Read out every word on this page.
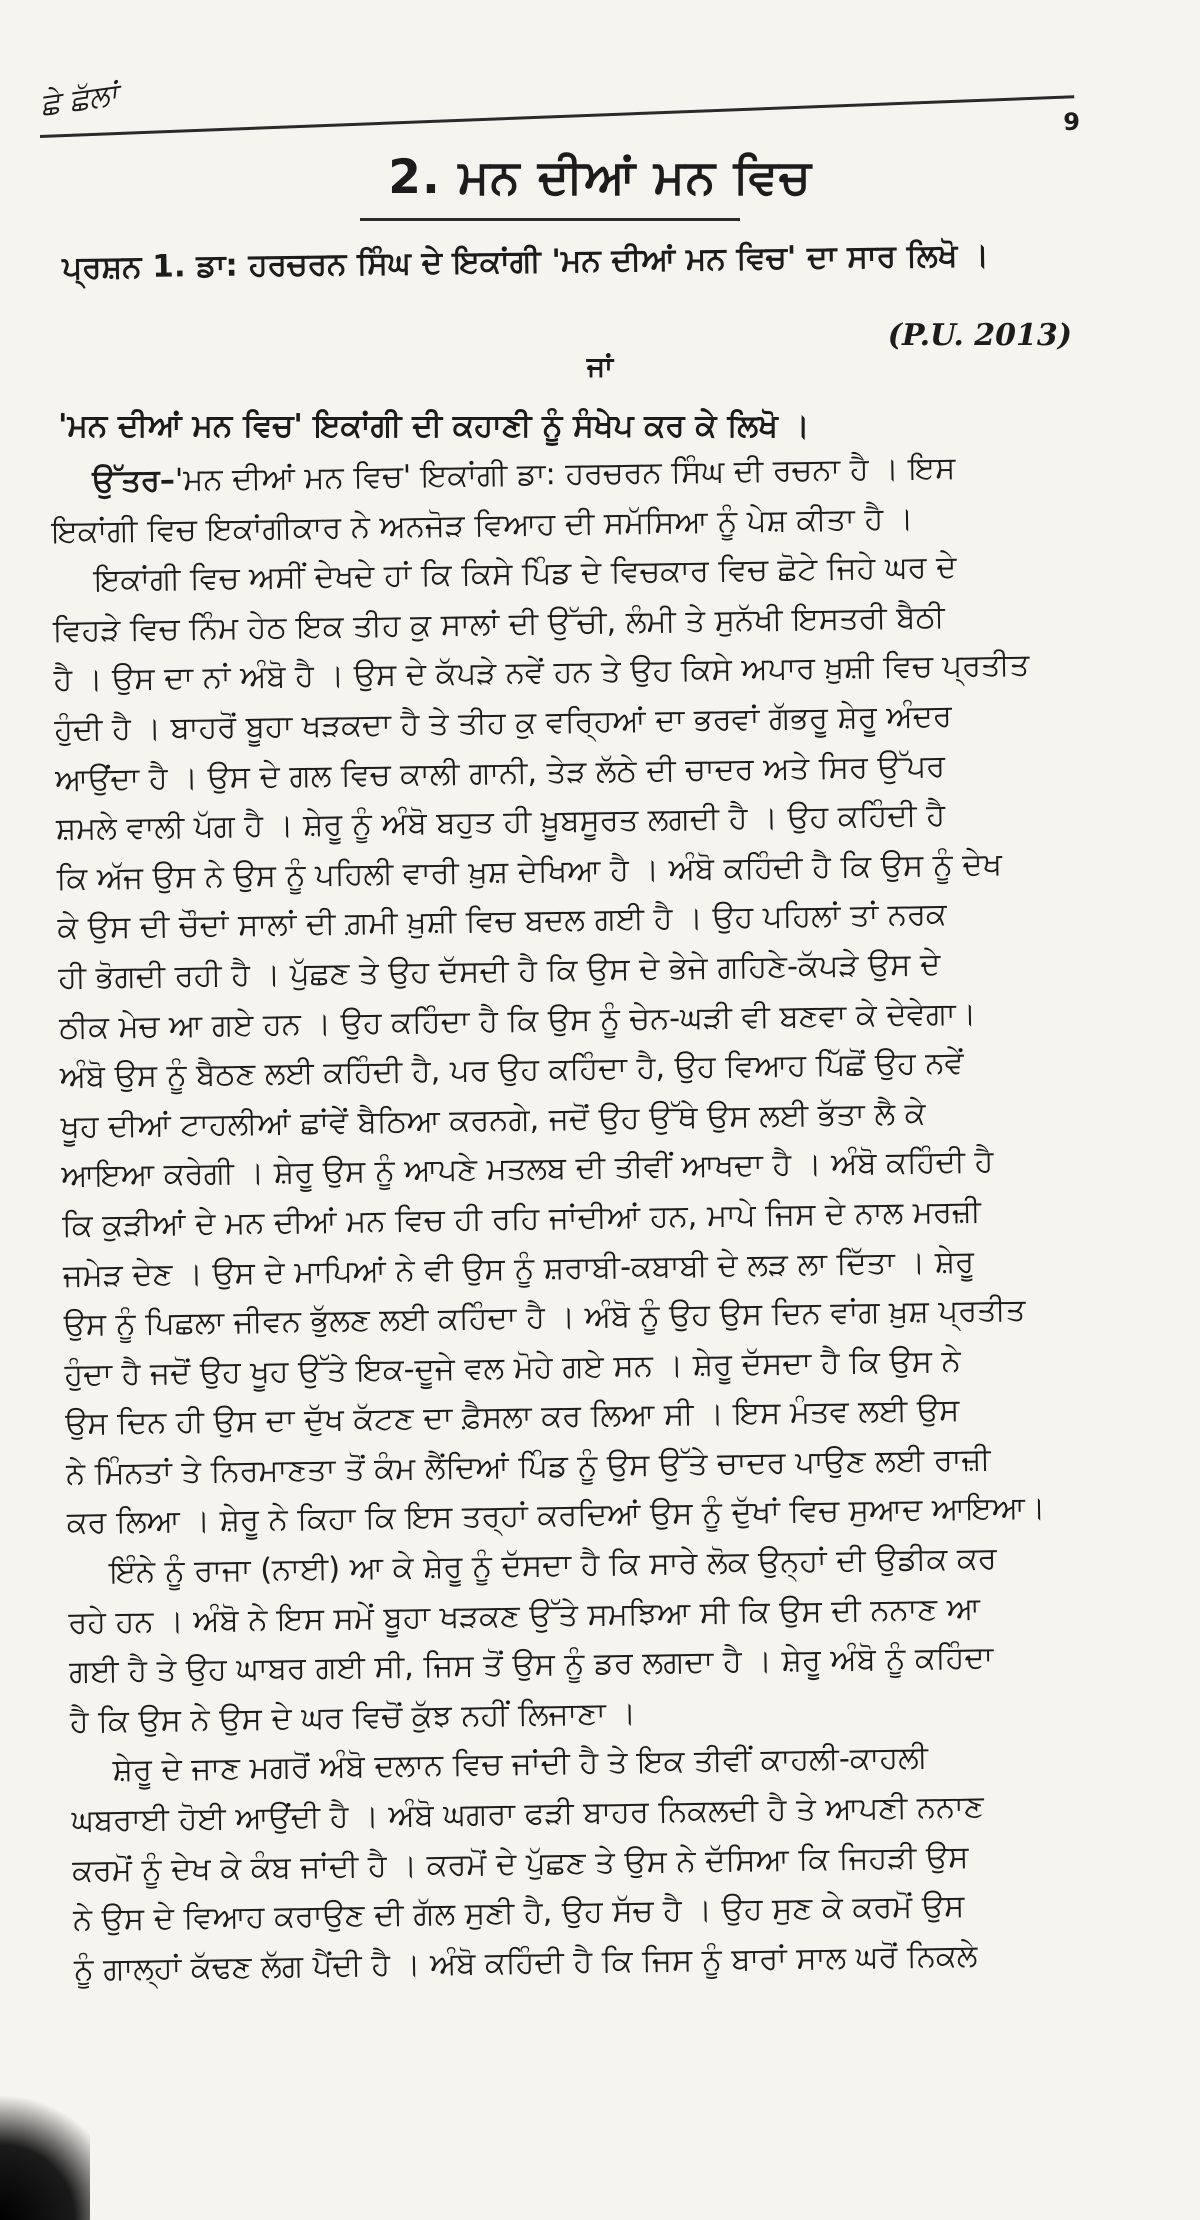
ਛੇ ਛੱਲਾਂ	9
2. ਮਨ ਦੀਆਂ ਮਨ ਵਿਚ
ਪ੍ਰਸ਼ਨ 1. ਡਾ: ਹਰਚਰਨ ਸਿੰਘ ਦੇ ਇਕਾਂਗੀ 'ਮਨ ਦੀਆਂ ਮਨ ਵਿਚ' ਦਾ ਸਾਰ ਲਿਖੋ ।
(P.U. 2013)
ਜਾਂ
'ਮਨ ਦੀਆਂ ਮਨ ਵਿਚ' ਇਕਾਂਗੀ ਦੀ ਕਹਾਣੀ ਨੂੰ ਸੰਖੇਪ ਕਰ ਕੇ ਲਿਖੋ ।
ਉੱਤਰ–'ਮਨ ਦੀਆਂ ਮਨ ਵਿਚ' ਇਕਾਂਗੀ ਡਾ: ਹਰਚਰਨ ਸਿੰਘ ਦੀ ਰਚਨਾ ਹੈ । ਇਸ
ਇਕਾਂਗੀ ਵਿਚ ਇਕਾਂਗੀਕਾਰ ਨੇ ਅਨਜੋੜ ਵਿਆਹ ਦੀ ਸਮੱਸਿਆ ਨੂੰ ਪੇਸ਼ ਕੀਤਾ ਹੈ ।
ਇਕਾਂਗੀ ਵਿਚ ਅਸੀਂ ਦੇਖਦੇ ਹਾਂ ਕਿ ਕਿਸੇ ਪਿੰਡ ਦੇ ਵਿਚਕਾਰ ਵਿਚ ਛੋਟੇ ਜਿਹੇ ਘਰ ਦੇ
ਵਿਹੜੇ ਵਿਚ ਨਿੰਮ ਹੇਠ ਇਕ ਤੀਹ ਕੁ ਸਾਲਾਂ ਦੀ ਉੱਚੀ, ਲੰਮੀ ਤੇ ਸੁਨੱਖੀ ਇਸਤਰੀ ਬੈਠੀ
ਹੈ । ਉਸ ਦਾ ਨਾਂ ਅੰਬੋ ਹੈ । ਉਸ ਦੇ ਕੱਪੜੇ ਨਵੇਂ ਹਨ ਤੇ ਉਹ ਕਿਸੇ ਅਪਾਰ ਖ਼ੁਸ਼ੀ ਵਿਚ ਪ੍ਰਤੀਤ
ਹੁੰਦੀ ਹੈ । ਬਾਹਰੋਂ ਬੂਹਾ ਖੜਕਦਾ ਹੈ ਤੇ ਤੀਹ ਕੁ ਵਰ੍ਹਿਆਂ ਦਾ ਭਰਵਾਂ ਗੱਭਰੂ ਸ਼ੇਰੂ ਅੰਦਰ
ਆਉਂਦਾ ਹੈ । ਉਸ ਦੇ ਗਲ ਵਿਚ ਕਾਲੀ ਗਾਨੀ, ਤੇੜ ਲੱਠੇ ਦੀ ਚਾਦਰ ਅਤੇ ਸਿਰ ਉੱਪਰ
ਸ਼ਮਲੇ ਵਾਲੀ ਪੱਗ ਹੈ । ਸ਼ੇਰੂ ਨੂੰ ਅੰਬੋ ਬਹੁਤ ਹੀ ਖ਼ੂਬਸੂਰਤ ਲਗਦੀ ਹੈ । ਉਹ ਕਹਿੰਦੀ ਹੈ
ਕਿ ਅੱਜ ਉਸ ਨੇ ਉਸ ਨੂੰ ਪਹਿਲੀ ਵਾਰੀ ਖ਼ੁਸ਼ ਦੇਖਿਆ ਹੈ । ਅੰਬੋ ਕਹਿੰਦੀ ਹੈ ਕਿ ਉਸ ਨੂੰ ਦੇਖ
ਕੇ ਉਸ ਦੀ ਚੌਦਾਂ ਸਾਲਾਂ ਦੀ ਗ਼ਮੀ ਖ਼ੁਸ਼ੀ ਵਿਚ ਬਦਲ ਗਈ ਹੈ । ਉਹ ਪਹਿਲਾਂ ਤਾਂ ਨਰਕ
ਹੀ ਭੋਗਦੀ ਰਹੀ ਹੈ । ਪੁੱਛਣ ਤੇ ਉਹ ਦੱਸਦੀ ਹੈ ਕਿ ਉਸ ਦੇ ਭੇਜੇ ਗਹਿਣੇ-ਕੱਪੜੇ ਉਸ ਦੇ
ਠੀਕ ਮੇਚ ਆ ਗਏ ਹਨ । ਉਹ ਕਹਿੰਦਾ ਹੈ ਕਿ ਉਸ ਨੂੰ ਚੇਨ-ਘੜੀ ਵੀ ਬਣਵਾ ਕੇ ਦੇਵੇਗਾ।
ਅੰਬੋ ਉਸ ਨੂੰ ਬੈਠਣ ਲਈ ਕਹਿੰਦੀ ਹੈ, ਪਰ ਉਹ ਕਹਿੰਦਾ ਹੈ, ਉਹ ਵਿਆਹ ਪਿੱਛੋਂ ਉਹ ਨਵੇਂ
ਖੂਹ ਦੀਆਂ ਟਾਹਲੀਆਂ ਛਾਂਵੇਂ ਬੈਠਿਆ ਕਰਨਗੇ, ਜਦੋਂ ਉਹ ਉੱਥੇ ਉਸ ਲਈ ਭੱਤਾ ਲੈ ਕੇ
ਆਇਆ ਕਰੇਗੀ । ਸ਼ੇਰੂ ਉਸ ਨੂੰ ਆਪਣੇ ਮਤਲਬ ਦੀ ਤੀਵੀਂ ਆਖਦਾ ਹੈ । ਅੰਬੋ ਕਹਿੰਦੀ ਹੈ
ਕਿ ਕੁੜੀਆਂ ਦੇ ਮਨ ਦੀਆਂ ਮਨ ਵਿਚ ਹੀ ਰਹਿ ਜਾਂਦੀਆਂ ਹਨ, ਮਾਪੇ ਜਿਸ ਦੇ ਨਾਲ ਮਰਜ਼ੀ
ਜਮੇੜ ਦੇਣ । ਉਸ ਦੇ ਮਾਪਿਆਂ ਨੇ ਵੀ ਉਸ ਨੂੰ ਸ਼ਰਾਬੀ-ਕਬਾਬੀ ਦੇ ਲੜ ਲਾ ਦਿੱਤਾ । ਸ਼ੇਰੂ
ਉਸ ਨੂੰ ਪਿਛਲਾ ਜੀਵਨ ਭੁੱਲਣ ਲਈ ਕਹਿੰਦਾ ਹੈ । ਅੰਬੋ ਨੂੰ ਉਹ ਉਸ ਦਿਨ ਵਾਂਗ ਖ਼ੁਸ਼ ਪ੍ਰਤੀਤ
ਹੁੰਦਾ ਹੈ ਜਦੋਂ ਉਹ ਖੂਹ ਉੱਤੇ ਇਕ-ਦੂਜੇ ਵਲ ਮੋਹੇ ਗਏ ਸਨ । ਸ਼ੇਰੂ ਦੱਸਦਾ ਹੈ ਕਿ ਉਸ ਨੇ
ਉਸ ਦਿਨ ਹੀ ਉਸ ਦਾ ਦੁੱਖ ਕੱਟਣ ਦਾ ਫ਼ੈਸਲਾ ਕਰ ਲਿਆ ਸੀ । ਇਸ ਮੰਤਵ ਲਈ ਉਸ
ਨੇ ਮਿੰਨਤਾਂ ਤੇ ਨਿਰਮਾਣਤਾ ਤੋਂ ਕੰਮ ਲੈਂਦਿਆਂ ਪਿੰਡ ਨੂੰ ਉਸ ਉੱਤੇ ਚਾਦਰ ਪਾਉਣ ਲਈ ਰਾਜ਼ੀ
ਕਰ ਲਿਆ । ਸ਼ੇਰੂ ਨੇ ਕਿਹਾ ਕਿ ਇਸ ਤਰ੍ਹਾਂ ਕਰਦਿਆਂ ਉਸ ਨੂੰ ਦੁੱਖਾਂ ਵਿਚ ਸੁਆਦ ਆਇਆ।
ਇੰਨੇ ਨੂੰ ਰਾਜਾ (ਨਾਈ) ਆ ਕੇ ਸ਼ੇਰੂ ਨੂੰ ਦੱਸਦਾ ਹੈ ਕਿ ਸਾਰੇ ਲੋਕ ਉਨ੍ਹਾਂ ਦੀ ਉਡੀਕ ਕਰ
ਰਹੇ ਹਨ । ਅੰਬੋ ਨੇ ਇਸ ਸਮੇਂ ਬੂਹਾ ਖੜਕਣ ਉੱਤੇ ਸਮਝਿਆ ਸੀ ਕਿ ਉਸ ਦੀ ਨਨਾਣ ਆ
ਗਈ ਹੈ ਤੇ ਉਹ ਘਾਬਰ ਗਈ ਸੀ, ਜਿਸ ਤੋਂ ਉਸ ਨੂੰ ਡਰ ਲਗਦਾ ਹੈ । ਸ਼ੇਰੂ ਅੰਬੋ ਨੂੰ ਕਹਿੰਦਾ
ਹੈ ਕਿ ਉਸ ਨੇ ਉਸ ਦੇ ਘਰ ਵਿਚੋਂ ਕੁੱਝ ਨਹੀਂ ਲਿਜਾਣਾ ।
ਸ਼ੇਰੂ ਦੇ ਜਾਣ ਮਗਰੋਂ ਅੰਬੋ ਦਲਾਨ ਵਿਚ ਜਾਂਦੀ ਹੈ ਤੇ ਇਕ ਤੀਵੀਂ ਕਾਹਲੀ-ਕਾਹਲੀ
ਘਬਰਾਈ ਹੋਈ ਆਉਂਦੀ ਹੈ । ਅੰਬੋ ਘਗਰਾ ਫੜੀ ਬਾਹਰ ਨਿਕਲਦੀ ਹੈ ਤੇ ਆਪਣੀ ਨਨਾਣ
ਕਰਮੋਂ ਨੂੰ ਦੇਖ ਕੇ ਕੰਬ ਜਾਂਦੀ ਹੈ । ਕਰਮੋਂ ਦੇ ਪੁੱਛਣ ਤੇ ਉਸ ਨੇ ਦੱਸਿਆ ਕਿ ਜਿਹੜੀ ਉਸ
ਨੇ ਉਸ ਦੇ ਵਿਆਹ ਕਰਾਉਣ ਦੀ ਗੱਲ ਸੁਣੀ ਹੈ, ਉਹ ਸੱਚ ਹੈ । ਉਹ ਸੁਣ ਕੇ ਕਰਮੋਂ ਉਸ
ਨੂੰ ਗਾਲ੍ਹਾਂ ਕੱਢਣ ਲੱਗ ਪੈਂਦੀ ਹੈ । ਅੰਬੋ ਕਹਿੰਦੀ ਹੈ ਕਿ ਜਿਸ ਨੂੰ ਬਾਰਾਂ ਸਾਲ ਘਰੋਂ ਨਿਕਲੇ
